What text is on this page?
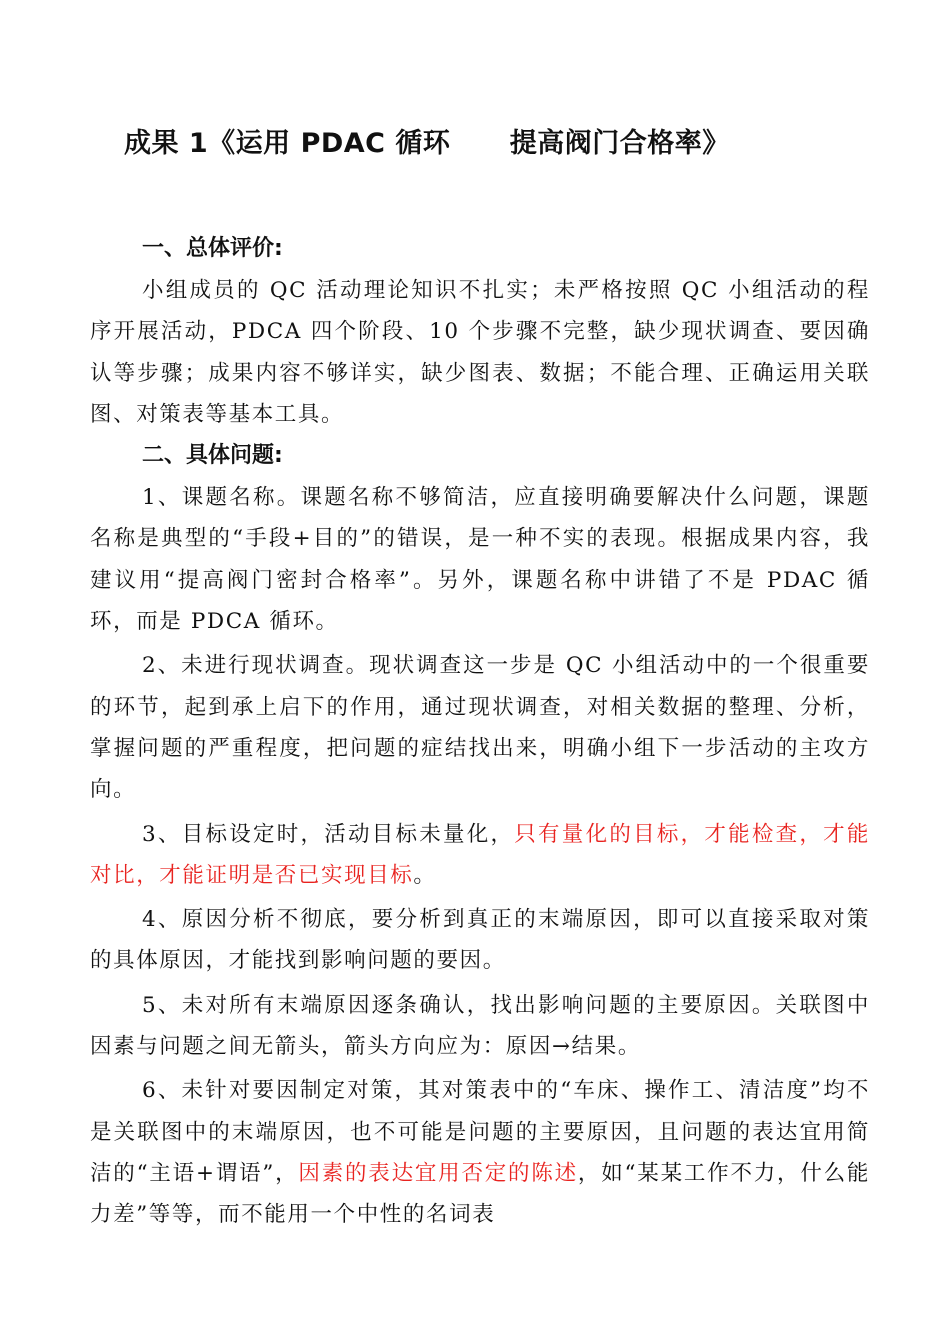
成果 1《运用 PDAC 循环      提高阀门合格率》

一、总体评价:

小组成员的 QC 活动理论知识不扎实；未严格按照 QC 小组活动的程序开展活动，PDCA 四个阶段、10 个步骤不完整，缺少现状调查、要因确认等步骤；成果内容不够详实，缺少图表、数据；不能合理、正确运用关联图、对策表等基本工具。

二、具体问题:

1、课题名称。课题名称不够简洁，应直接明确要解决什么问题，课题名称是典型的“手段+目的”的错误，是一种不实的表现。根据成果内容，我建议用“提高阀门密封合格率”。另外，课题名称中讲错了不是 PDAC 循环，而是 PDCA 循环。

2、未进行现状调查。现状调查这一步是 QC 小组活动中的一个很重要的环节，起到承上启下的作用，通过现状调查，对相关数据的整理、分析，掌握问题的严重程度，把问题的症结找出来，明确小组下一步活动的主攻方向。

3、目标设定时，活动目标未量化，只有量化的目标，才能检查，才能对比，才能证明是否已实现目标。

4、原因分析不彻底，要分析到真正的末端原因，即可以直接采取对策的具体原因，才能找到影响问题的要因。

5、未对所有末端原因逐条确认，找出影响问题的主要原因。关联图中因素与问题之间无箭头，箭头方向应为：原因→结果。

6、未针对要因制定对策，其对策表中的“车床、操作工、清洁度”均不是关联图中的末端原因，也不可能是问题的主要原因，且问题的表达宜用简洁的“主语+谓语”，因素的表达宜用否定的陈述，如“某某工作不力，什么能力差”等等，而不能用一个中性的名词表
